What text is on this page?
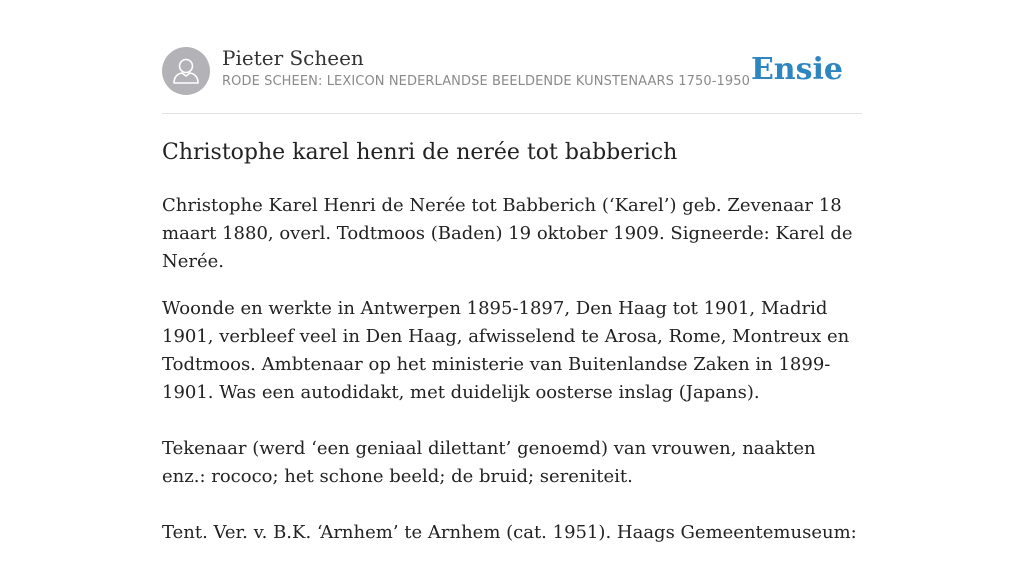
Pieter Scheen
RODE SCHEEN: LEXICON NEDERLANDSE BEELDENDE KUNSTENAARS 1750-1950 Ensie
Christophe karel henri de nerée tot babberich

Christophe Karel Henri de Nerée tot Babberich (‘Karel’) geb. Zevenaar 18 maart 1880, overl. Todtmoos (Baden) 19 oktober 1909. Signeerde: Karel de Nerée.

Woonde en werkte in Antwerpen 1895-1897, Den Haag tot 1901, Madrid 1901, verbleef veel in Den Haag, afwisselend te Arosa, Rome, Montreux en Todtmoos. Ambtenaar op het ministerie van Buitenlandse Zaken in 1899-1901. Was een autodidakt, met duidelijk oosterse inslag (Japans).

Tekenaar (werd ‘een geniaal dilettant’ genoemd) van vrouwen, naakten enz.: rococo; het schone beeld; de bruid; sereniteit.

Tent. Ver. v. B.K. ‘Arnhem’ te Arnhem (cat. 1951). Haags Gemeentemuseum:
